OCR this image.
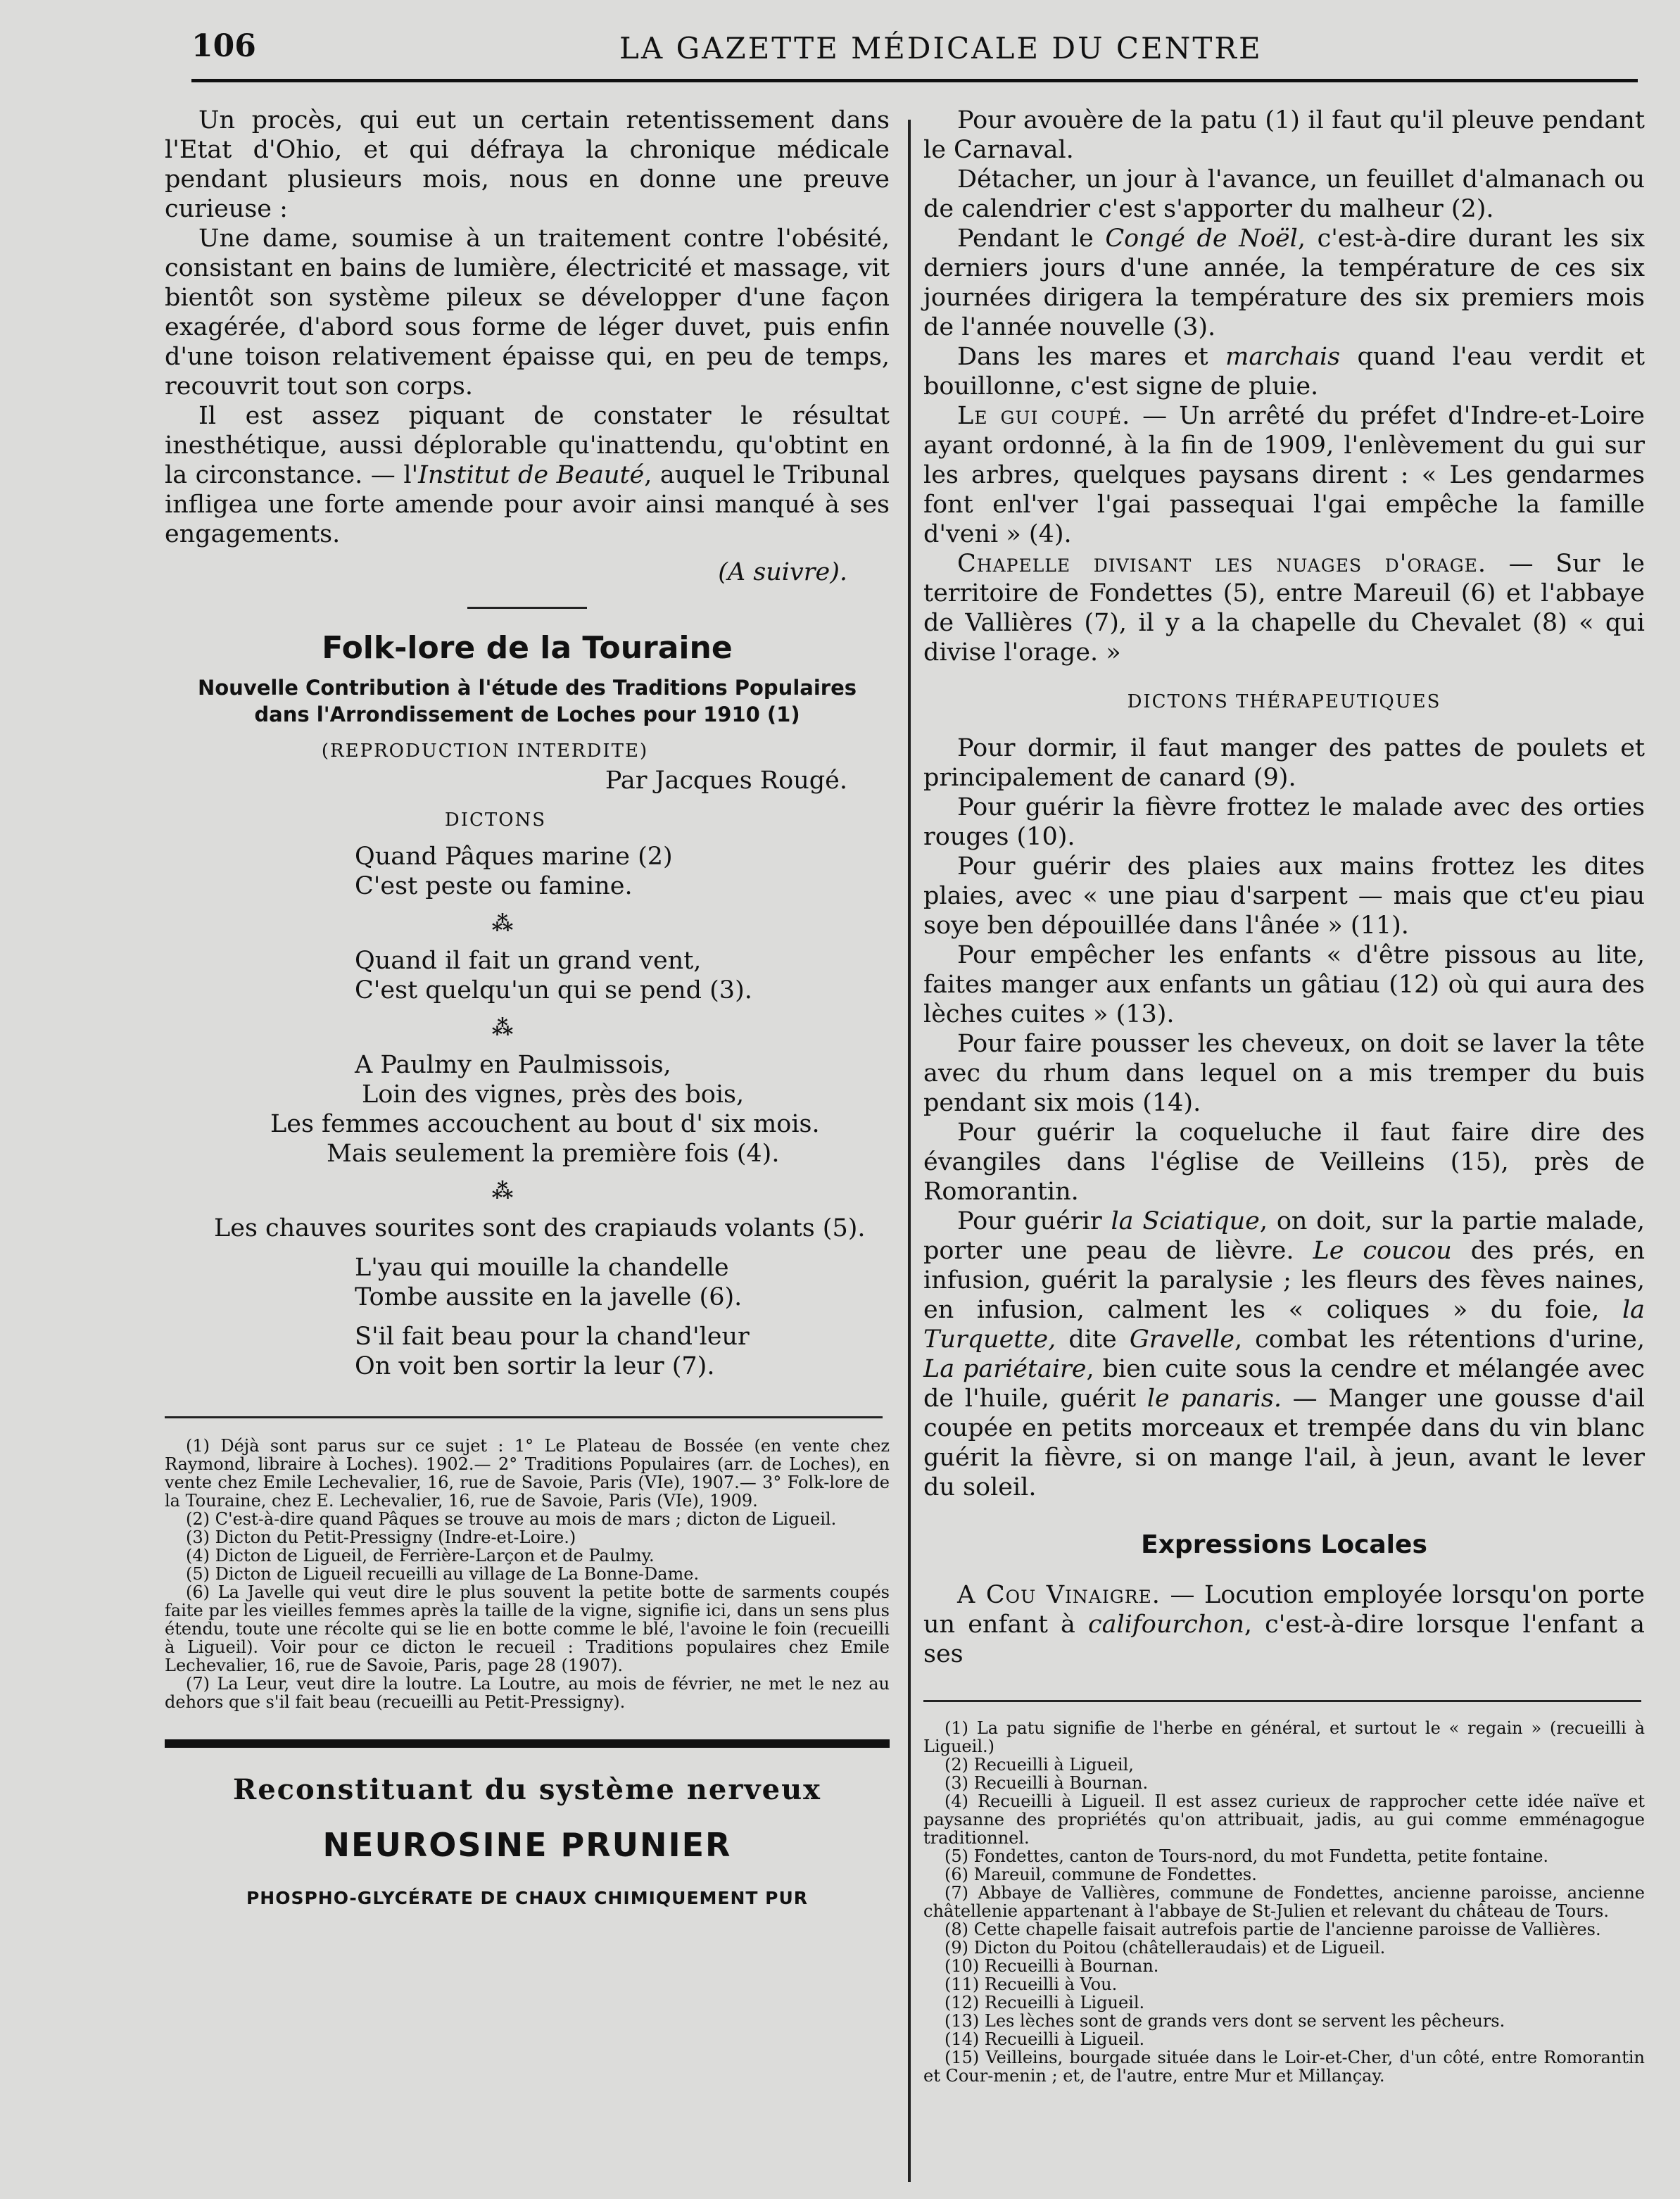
106	LA GAZETTE MÉDICALE DU CENTRE

Un procès, qui eut un certain retentissement dans l'Etat d'Ohio, et qui défraya la chronique médicale pendant plusieurs mois, nous en donne une preuve curieuse :

Une dame, soumise à un traitement contre l'obésité, consistant en bains de lumière, électricité et massage, vit bientôt son système pileux se développer d'une façon exagérée, d'abord sous forme de léger duvet, puis enfin d'une toison relativement épaisse qui, en peu de temps, recouvrit tout son corps.

Il est assez piquant de constater le résultat inesthétique, aussi déplorable qu'inattendu, qu'obtint en la circonstance. — l'Institut de Beauté, auquel le Tribunal infligea une forte amende pour avoir ainsi manqué à ses engagements.

(A suivre).

Folk-lore de la Touraine
Nouvelle Contribution à l'étude des Traditions Populaires
dans l'Arrondissement de Loches pour 1910 (1)
(REPRODUCTION INTERDITE)
Par Jacques Rougé.
DICTONS
Quand Pâques marine (2)
C'est peste ou famine.
⁂
Quand il fait un grand vent,
C'est quelqu'un qui se pend (3).
⁂
A Paulmy en Paulmissois,
Loin des vignes, près des bois,
Les femmes accouchent au bout d' six mois.
Mais seulement la première fois (4).
⁂
Les chauves sourites sont des crapiauds volants (5).
L'yau qui mouille la chandelle
Tombe aussite en la javelle (6).
S'il fait beau pour la chand'leur
On voit ben sortir la leur (7).

(1) Déjà sont parus sur ce sujet : 1° Le Plateau de Bossée (en vente chez Raymond, libraire à Loches). 1902.— 2° Traditions Populaires (arr. de Loches), en vente chez Emile Lechevalier, 16, rue de Savoie, Paris (VIe), 1907.— 3° Folk-lore de la Touraine, chez E. Lechevalier, 16, rue de Savoie, Paris (VIe), 1909.

(2) C'est-à-dire quand Pâques se trouve au mois de mars ; dicton de Ligueil.

(3) Dicton du Petit-Pressigny (Indre-et-Loire.)

(4) Dicton de Ligueil, de Ferrière-Larçon et de Paulmy.

(5) Dicton de Ligueil recueilli au village de La Bonne-Dame.

(6) La Javelle qui veut dire le plus souvent la petite botte de sarments coupés faite par les vieilles femmes après la taille de la vigne, signifie ici, dans un sens plus étendu, toute une récolte qui se lie en botte comme le blé, l'avoine le foin (recueilli à Ligueil). Voir pour ce dicton le recueil : Traditions populaires chez Emile Lechevalier, 16, rue de Savoie, Paris, page 28 (1907).

(7) La Leur, veut dire la loutre. La Loutre, au mois de février, ne met le nez au dehors que s'il fait beau (recueilli au Petit-Pressigny).

Reconstituant du système nerveux
NEUROSINE PRUNIER
PHOSPHO-GLYCÉRATE DE CHAUX CHIMIQUEMENT PUR

Pour avouère de la patu (1) il faut qu'il pleuve pendant le Carnaval.

Détacher, un jour à l'avance, un feuillet d'almanach ou de calendrier c'est s'apporter du malheur (2).

Pendant le Congé de Noël, c'est-à-dire durant les six derniers jours d'une année, la température de ces six journées dirigera la température des six premiers mois de l'année nouvelle (3).

Dans les mares et marchais quand l'eau verdit et bouillonne, c'est signe de pluie.

Le gui coupé. — Un arrêté du préfet d'Indre-et-Loire ayant ordonné, à la fin de 1909, l'enlèvement du gui sur les arbres, quelques paysans dirent : « Les gendarmes font enl'ver l'gai passequai l'gai empêche la famille d'veni » (4).

Chapelle divisant les nuages d'orage. — Sur le territoire de Fondettes (5), entre Mareuil (6) et l'abbaye de Vallières (7), il y a la chapelle du Chevalet (8) « qui divise l'orage. »

DICTONS THÉRAPEUTIQUES

Pour dormir, il faut manger des pattes de poulets et principalement de canard (9).

Pour guérir la fièvre frottez le malade avec des orties rouges (10).

Pour guérir des plaies aux mains frottez les dites plaies, avec « une piau d'sarpent — mais que ct'eu piau soye ben dépouillée dans l'ânée » (11).

Pour empêcher les enfants « d'être pissous au lite, faites manger aux enfants un gâtiau (12) où qui aura des lèches cuites » (13).

Pour faire pousser les cheveux, on doit se laver la tête avec du rhum dans lequel on a mis tremper du buis pendant six mois (14).

Pour guérir la coqueluche il faut faire dire des évangiles dans l'église de Veilleins (15), près de Romorantin.

Pour guérir la Sciatique, on doit, sur la partie malade, porter une peau de lièvre. Le coucou des prés, en infusion, guérit la paralysie ; les fleurs des fèves naines, en infusion, calment les « coliques » du foie, la Turquette, dite Gravelle, combat les rétentions d'urine, La pariétaire, bien cuite sous la cendre et mélangée avec de l'huile, guérit le panaris. — Manger une gousse d'ail coupée en petits morceaux et trempée dans du vin blanc guérit la fièvre, si on mange l'ail, à jeun, avant le lever du soleil.

Expressions Locales

A Cou Vinaigre. — Locution employée lorsqu'on porte un enfant à califourchon, c'est-à-dire lorsque l'enfant a ses

(1) La patu signifie de l'herbe en général, et surtout le « regain » (recueilli à Ligueil.)

(2) Recueilli à Ligueil,

(3) Recueilli à Bournan.

(4) Recueilli à Ligueil. Il est assez curieux de rapprocher cette idée naïve et paysanne des propriétés qu'on attribuait, jadis, au gui comme emménagogue traditionnel.

(5) Fondettes, canton de Tours-nord, du mot Fundetta, petite fontaine.

(6) Mareuil, commune de Fondettes.

(7) Abbaye de Vallières, commune de Fondettes, ancienne paroisse, ancienne châtellenie appartenant à l'abbaye de St-Julien et relevant du château de Tours.

(8) Cette chapelle faisait autrefois partie de l'ancienne paroisse de Vallières.

(9) Dicton du Poitou (châtelleraudais) et de Ligueil.

(10) Recueilli à Bournan.

(11) Recueilli à Vou.

(12) Recueilli à Ligueil.

(13) Les lèches sont de grands vers dont se servent les pêcheurs.

(14) Recueilli à Ligueil.

(15) Veilleins, bourgade située dans le Loir-et-Cher, d'un côté, entre Romorantin et Cour-menin ; et, de l'autre, entre Mur et Millançay.
